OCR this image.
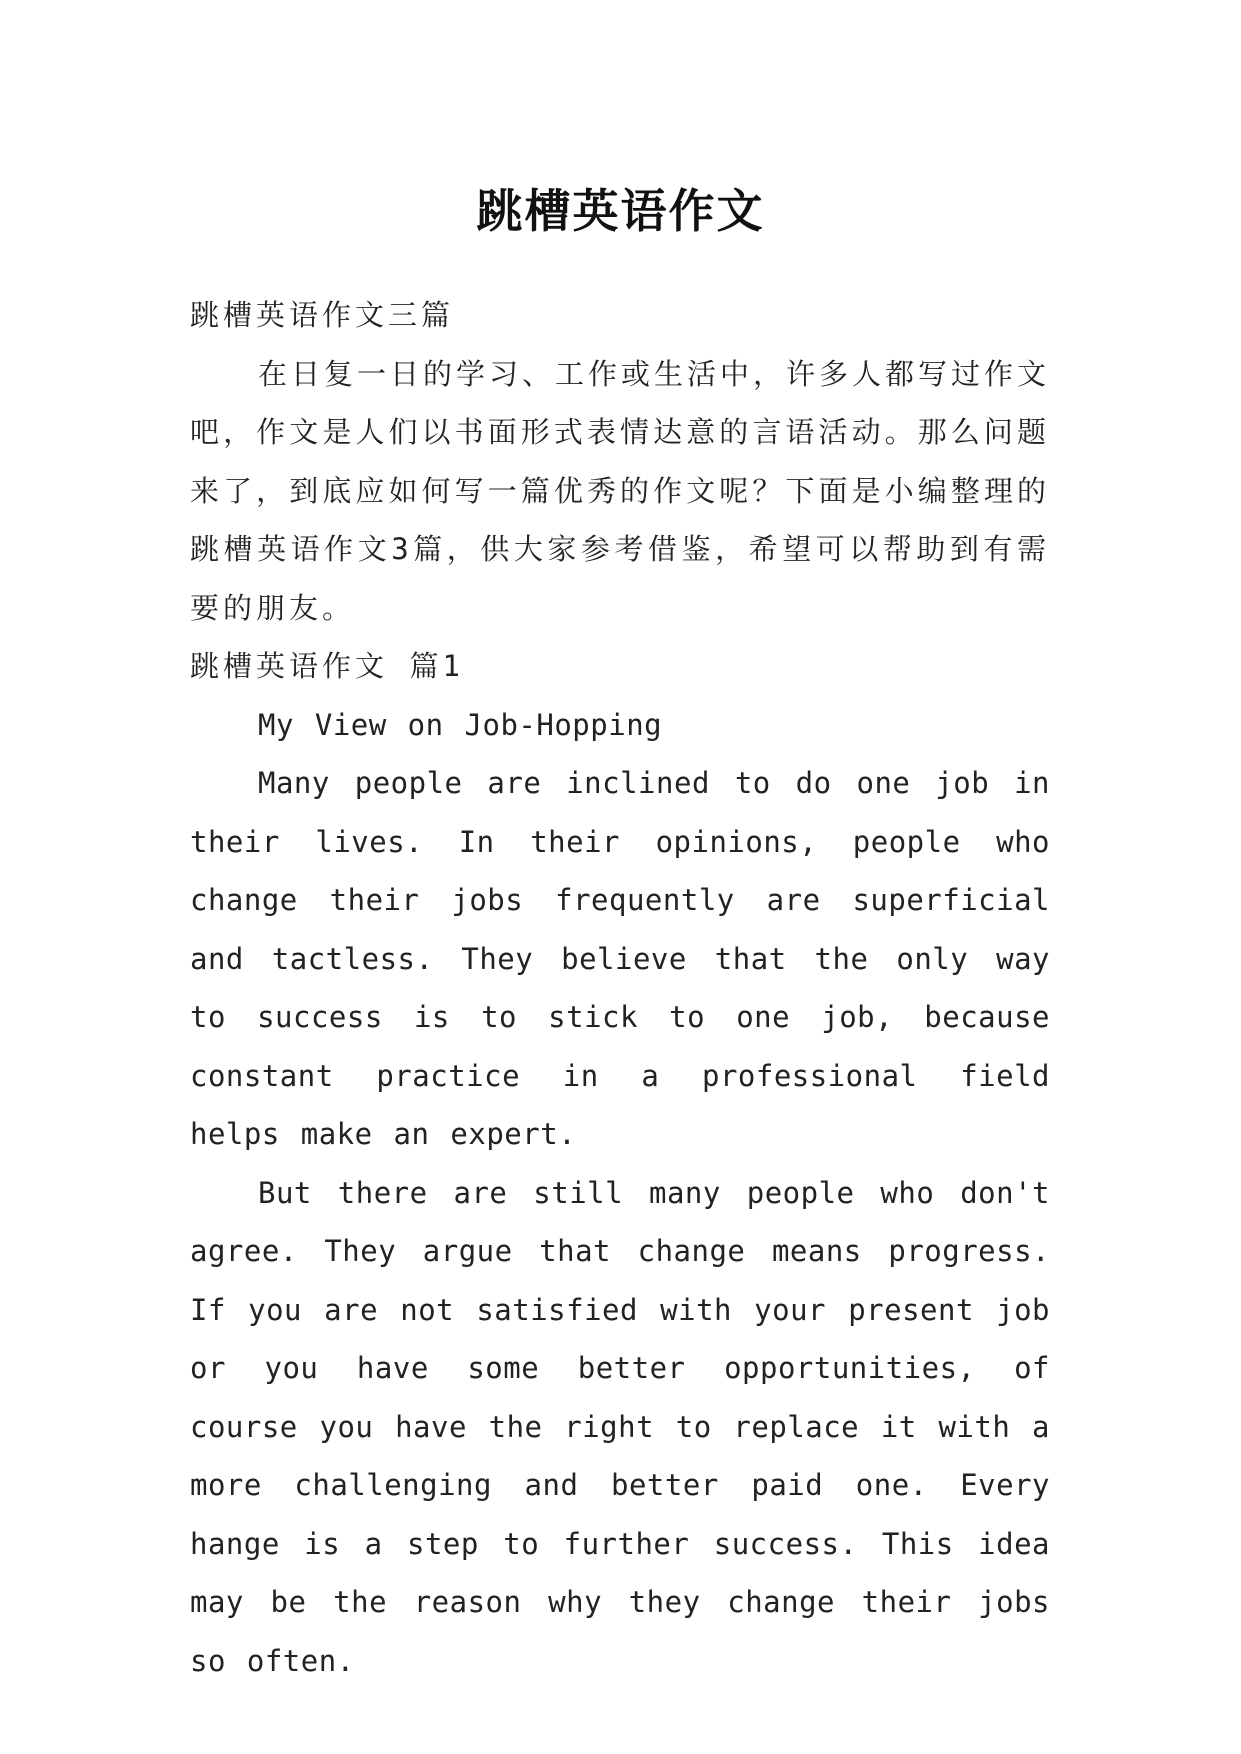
跳槽英语作文

跳槽英语作文三篇

在日复一日的学习、工作或生活中，许多人都写过作文吧，作文是人们以书面形式表情达意的言语活动。那么问题来了，到底应如何写一篇优秀的作文呢？下面是小编整理的跳槽英语作文3篇，供大家参考借鉴，希望可以帮助到有需要的朋友。

跳槽英语作文 篇1

My View on Job-Hopping

Many people are inclined to do one job in their lives. In their opinions, people who change their jobs frequently are superficial and tactless. They believe that the only way to success is to stick to one job, because constant practice in a professional field helps make an expert.

But there are still many people who don't agree. They argue that change means progress. If you are not satisfied with your present job or you have some better opportunities, of course you have the right to replace it with a more challenging and better paid one. Every hange is a step to further success. This idea may be the reason why they change their jobs so often.
